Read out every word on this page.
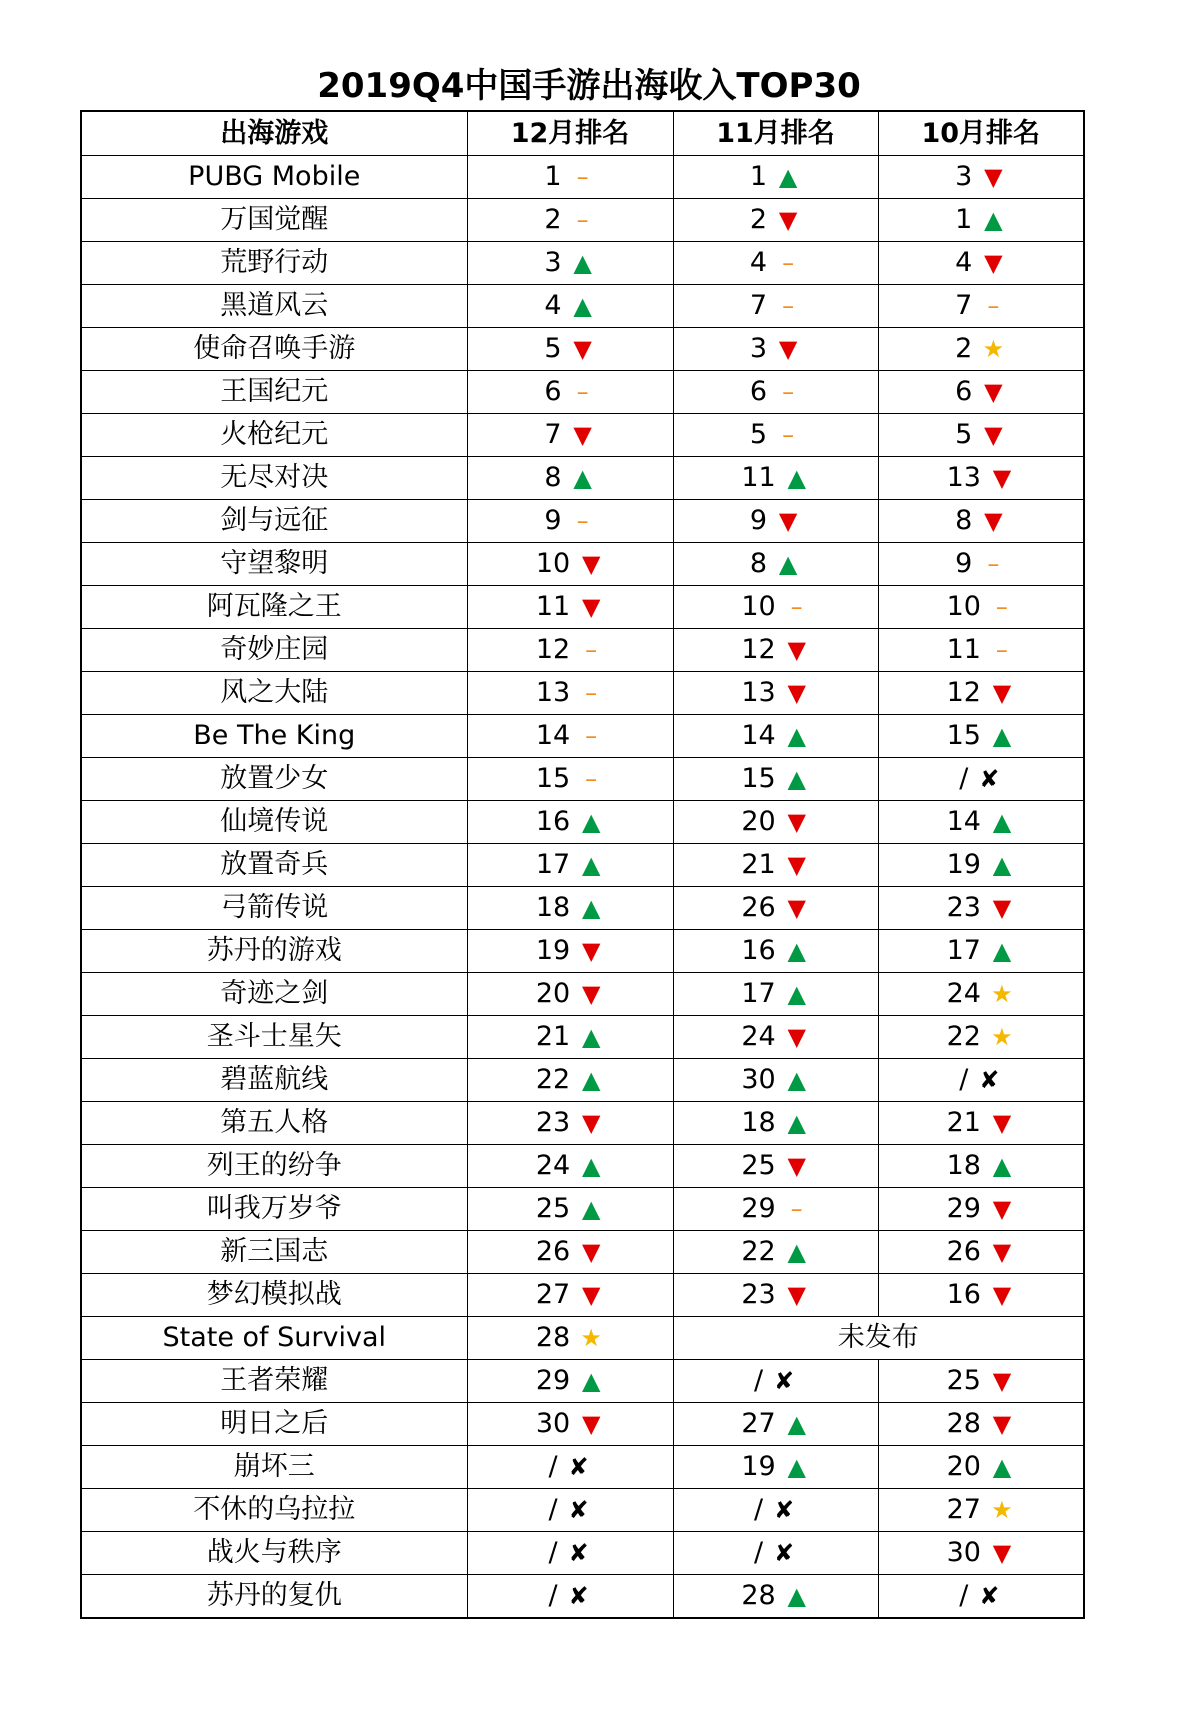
2019Q4中国手游出海收入TOP30
出海游戏	12月排名	11月排名	10月排名
PUBG Mobile	1 –	1 ▲	3 ▼
万国觉醒	2 –	2 ▼	1 ▲
荒野行动	3 ▲	4 –	4 ▼
黑道风云	4 ▲	7 –	7 –
使命召唤手游	5 ▼	3 ▼	2 ★
王国纪元	6 –	6 –	6 ▼
火枪纪元	7 ▼	5 –	5 ▼
无尽对决	8 ▲	11 ▲	13 ▼
剑与远征	9 –	9 ▼	8 ▼
守望黎明	10 ▼	8 ▲	9 –
阿瓦隆之王	11 ▼	10 –	10 –
奇妙庄园	12 –	12 ▼	11 –
风之大陆	13 –	13 ▼	12 ▼
Be The King	14 –	14 ▲	15 ▲
放置少女	15 –	15 ▲	/ ✘
仙境传说	16 ▲	20 ▼	14 ▲
放置奇兵	17 ▲	21 ▼	19 ▲
弓箭传说	18 ▲	26 ▼	23 ▼
苏丹的游戏	19 ▼	16 ▲	17 ▲
奇迹之剑	20 ▼	17 ▲	24 ★
圣斗士星矢	21 ▲	24 ▼	22 ★
碧蓝航线	22 ▲	30 ▲	/ ✘
第五人格	23 ▼	18 ▲	21 ▼
列王的纷争	24 ▲	25 ▼	18 ▲
叫我万岁爷	25 ▲	29 –	29 ▼
新三国志	26 ▼	22 ▲	26 ▼
梦幻模拟战	27 ▼	23 ▼	16 ▼
State of Survival	28 ★	未发布	
王者荣耀	29 ▲	/ ✘	25 ▼
明日之后	30 ▼	27 ▲	28 ▼
崩坏三	/ ✘	19 ▲	20 ▲
不休的乌拉拉	/ ✘	/ ✘	27 ★
战火与秩序	/ ✘	/ ✘	30 ▼
苏丹的复仇	/ ✘	28 ▲	/ ✘
